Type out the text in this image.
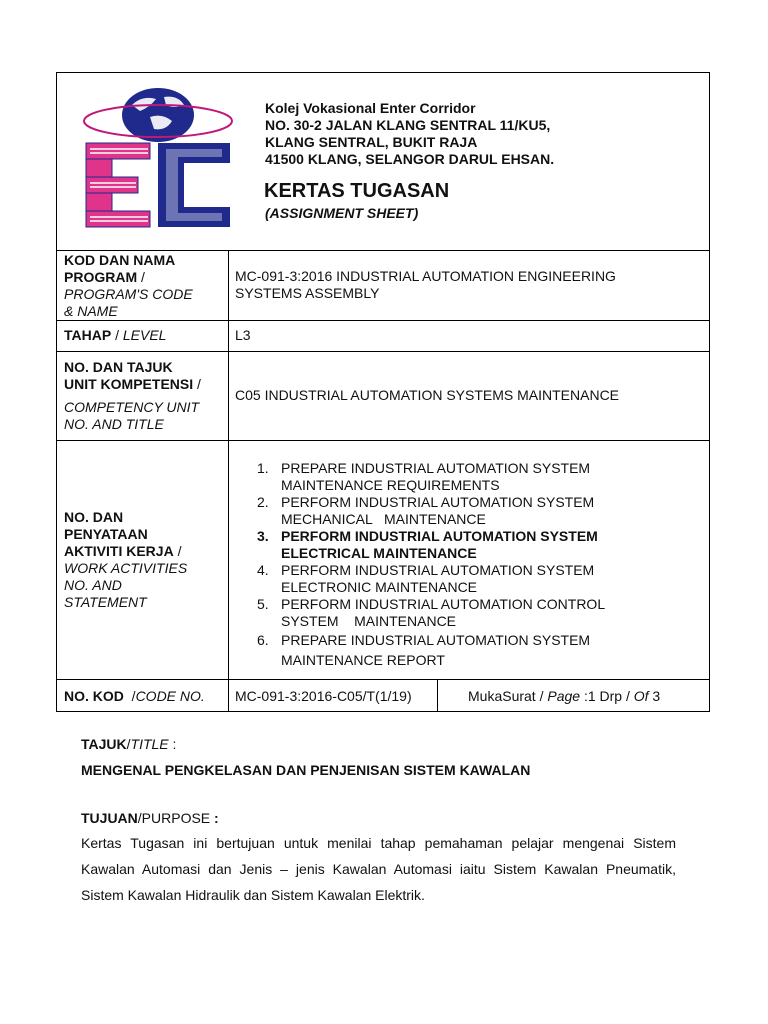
Kolej Vokasional Enter Corridor
NO. 30-2 JALAN KLANG SENTRAL 11/KU5,
KLANG SENTRAL, BUKIT RAJA
41500 KLANG, SELANGOR DARUL EHSAN.
KERTAS TUGASAN
(ASSIGNMENT SHEET)
KOD DAN NAMA
PROGRAM /
PROGRAM'S CODE
& NAME
MC-091-3:2016 INDUSTRIAL AUTOMATION ENGINEERING
SYSTEMS ASSEMBLY
TAHAP / LEVEL	L3
NO. DAN TAJUK
UNIT KOMPETENSI /
COMPETENCY UNIT
NO. AND TITLE
C05 INDUSTRIAL AUTOMATION SYSTEMS MAINTENANCE
NO. DAN
PENYATAAN
AKTIVITI KERJA /
WORK ACTIVITIES
NO. AND
STATEMENT
1. PREPARE INDUSTRIAL AUTOMATION SYSTEM
MAINTENANCE REQUIREMENTS
2. PERFORM INDUSTRIAL AUTOMATION SYSTEM
MECHANICAL   MAINTENANCE
3. PERFORM INDUSTRIAL AUTOMATION SYSTEM
ELECTRICAL MAINTENANCE
4. PERFORM INDUSTRIAL AUTOMATION SYSTEM
ELECTRONIC MAINTENANCE
5. PERFORM INDUSTRIAL AUTOMATION CONTROL
SYSTEM    MAINTENANCE
6. PREPARE INDUSTRIAL AUTOMATION SYSTEM
MAINTENANCE REPORT
NO. KOD  /CODE NO. MC-091-3:2016-C05/T(1/19)	MukaSurat / Page :1 Drp / Of 3
TAJUK/TITLE :
MENGENAL PENGKELASAN DAN PENJENISAN SISTEM KAWALAN
TUJUAN/PURPOSE :
Kertas Tugasan ini bertujuan untuk menilai tahap pemahaman pelajar mengenai Sistem Kawalan Automasi dan Jenis – jenis Kawalan Automasi iaitu Sistem Kawalan Pneumatik, Sistem Kawalan Hidraulik dan Sistem Kawalan Elektrik.
